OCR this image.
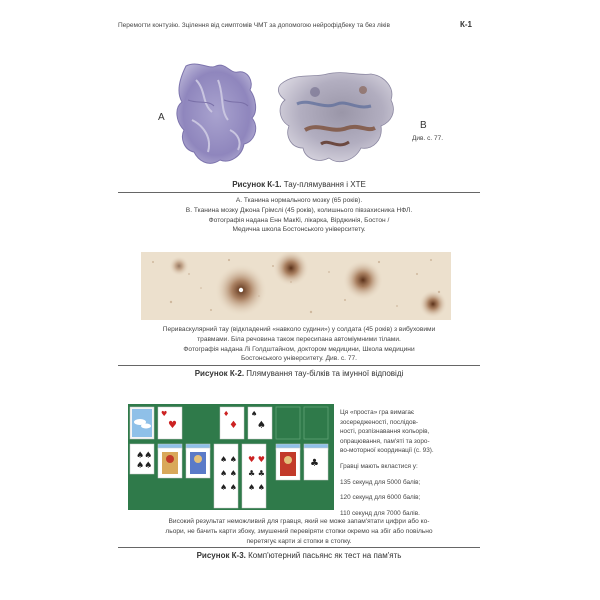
Перемогти контузію. Зцілення від симптомів ЧМТ за допомогою нейрофідбеку та без ліків	К-1
А
В
Див. с. 77.
Рисунок К-1. Тау-плямування і ХТЕ
А. Тканина нормального мозку (65 років).
В. Тканина мозку Джона Грімслі (45 років), колишнього півзахисника НФЛ.
Фотографія надана Енн МакКі, лікарка, Вірджинія, Бостон /
Медична школа Бостонського університету.
Периваскулярний тау (відкладений «навколо судини») у солдата (45 років) з вибуховими
травмами. Біла речовина також пересипана автоміумними тілами.
Фотографія надана Лі Голдштайном, доктором медицини, Школа медицини
Бостонського університету. Див. с. 77.
Рисунок К-2. Плямування тау-білків та імунної відповіді
♥
♥
♦
♦
♠
♠
♠♠
♠♠
♠ ♠
♠ ♠
♠ ♠
♥ ♥
♣ ♣
♠ ♠
♣
Ця «проста» гра вимагає
зосередженості, послідов-
ності, розпізнавання кольорів,
опрацювання, пам'яті та зоро-
во-моторної координації (с. 93).
Гравці мають вкластися у:
135 секунд для 5000 балів;
120 секунд для 6000 балів;
110 секунд для 7000 балів.
Високий результат неможливий для гравця, який не може запам'ятати цифри або ко-
льори, не бачить карти збоку, змушений перевіряти стопки окремо на збіг або повільно
перетягує карти зі стопки в стопку.
Рисунок К-3. Комп'ютерний пасьянс як тест на пам'ять
